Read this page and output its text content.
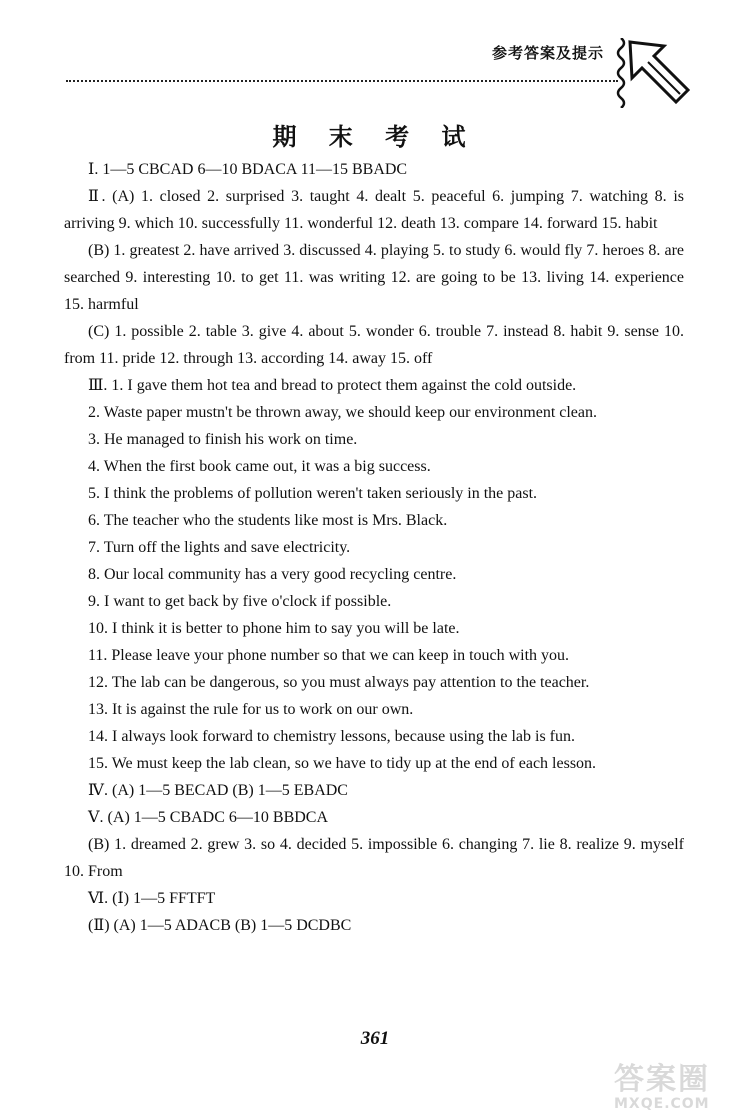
参考答案及提示
期 末 考 试

Ⅰ. 1—5 CBCAD 6—10 BDACA 11—15 BBADC

Ⅱ. (A) 1. closed 2. surprised 3. taught 4. dealt 5. peaceful 6. jumping 7. watching 8. is arriving 9. which 10. successfully 11. wonderful 12. death 13. compare 14. forward 15. habit

(B) 1. greatest 2. have arrived 3. discussed 4. playing 5. to study 6. would fly 7. heroes 8. are searched 9. interesting 10. to get 11. was writing 12. are going to be 13. living 14. experience 15. harmful

(C) 1. possible 2. table 3. give 4. about 5. wonder 6. trouble 7. instead 8. habit 9. sense 10. from 11. pride 12. through 13. according 14. away 15. off

Ⅲ. 1. I gave them hot tea and bread to protect them against the cold outside.

2. Waste paper mustn't be thrown away, we should keep our environment clean.

3. He managed to finish his work on time.

4. When the first book came out, it was a big success.

5. I think the problems of pollution weren't taken seriously in the past.

6. The teacher who the students like most is Mrs. Black.

7. Turn off the lights and save electricity.

8. Our local community has a very good recycling centre.

9. I want to get back by five o'clock if possible.

10. I think it is better to phone him to say you will be late.

11. Please leave your phone number so that we can keep in touch with you.

12. The lab can be dangerous, so you must always pay attention to the teacher.

13. It is against the rule for us to work on our own.

14. I always look forward to chemistry lessons, because using the lab is fun.

15. We must keep the lab clean, so we have to tidy up at the end of each lesson.

Ⅳ. (A) 1—5 BECAD (B) 1—5 EBADC

Ⅴ. (A) 1—5 CBADC 6—10 BBDCA

(B) 1. dreamed 2. grew 3. so 4. decided 5. impossible 6. changing 7. lie 8. realize 9. myself 10. From

Ⅵ. (Ⅰ) 1—5 FFTFT

(Ⅱ) (A) 1—5 ADACB (B) 1—5 DCDBC

361
答案圈
MXQE.COM
